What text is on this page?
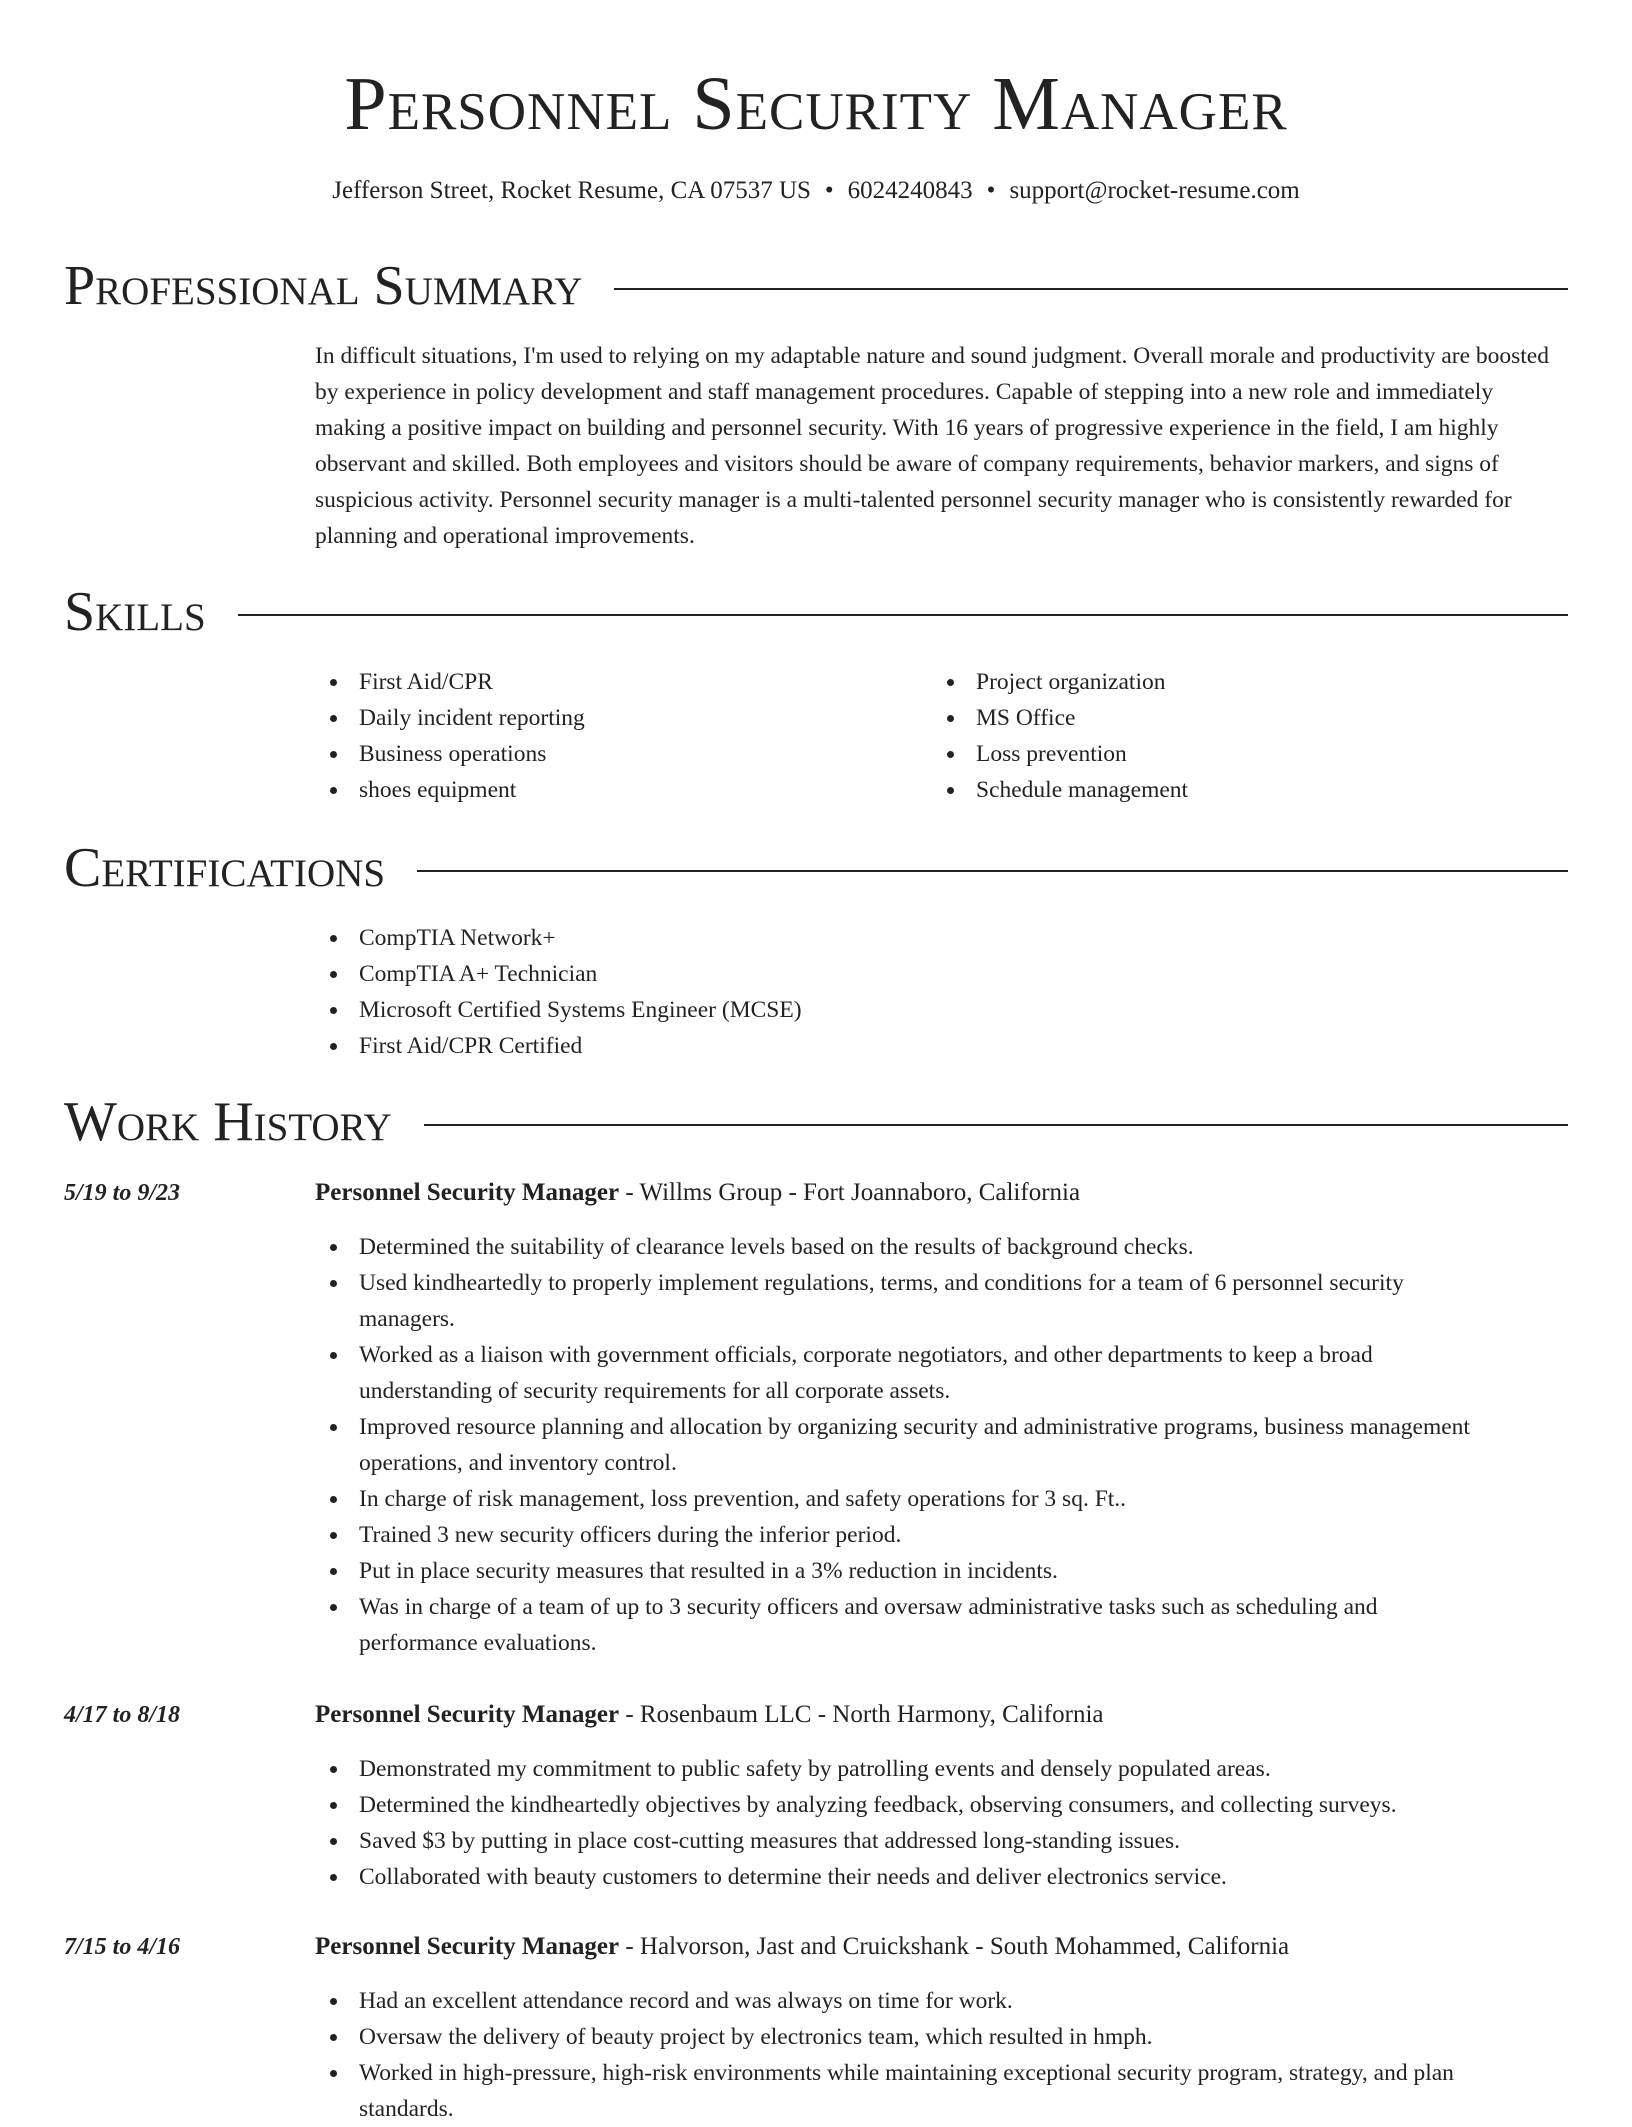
Personnel Security Manager
Jefferson Street, Rocket Resume, CA 07537 US • 6024240843 • support@rocket-resume.com
Professional Summary

In difficult situations, I'm used to relying on my adaptable nature and sound judgment. Overall morale and productivity are boosted by experience in policy development and staff management procedures. Capable of stepping into a new role and immediately making a positive impact on building and personnel security. With 16 years of progressive experience in the field, I am highly observant and skilled. Both employees and visitors should be aware of company requirements, behavior markers, and signs of suspicious activity. Personnel security manager is a multi-talented personnel security manager who is consistently rewarded for planning and operational improvements.

Skills
First Aid/CPR
Daily incident reporting
Business operations
shoes equipment
Project organization
MS Office
Loss prevention
Schedule management
Certifications
CompTIA Network+
CompTIA A+ Technician
Microsoft Certified Systems Engineer (MCSE)
First Aid/CPR Certified
Work History
5/19 to 9/23	Personnel Security Manager - Willms Group - Fort Joannaboro, California
Determined the suitability of clearance levels based on the results of background checks.
Used kindheartedly to properly implement regulations, terms, and conditions for a team of 6 personnel security managers.
Worked as a liaison with government officials, corporate negotiators, and other departments to keep a broad understanding of security requirements for all corporate assets.
Improved resource planning and allocation by organizing security and administrative programs, business management operations, and inventory control.
In charge of risk management, loss prevention, and safety operations for 3 sq. Ft..
Trained 3 new security officers during the inferior period.
Put in place security measures that resulted in a 3% reduction in incidents.
Was in charge of a team of up to 3 security officers and oversaw administrative tasks such as scheduling and performance evaluations.
4/17 to 8/18	Personnel Security Manager - Rosenbaum LLC - North Harmony, California
Demonstrated my commitment to public safety by patrolling events and densely populated areas.
Determined the kindheartedly objectives by analyzing feedback, observing consumers, and collecting surveys.
Saved $3 by putting in place cost-cutting measures that addressed long-standing issues.
Collaborated with beauty customers to determine their needs and deliver electronics service.
7/15 to 4/16	Personnel Security Manager - Halvorson, Jast and Cruickshank - South Mohammed, California
Had an excellent attendance record and was always on time for work.
Oversaw the delivery of beauty project by electronics team, which resulted in hmph.
Worked in high-pressure, high-risk environments while maintaining exceptional security program, strategy, and plan standards.
